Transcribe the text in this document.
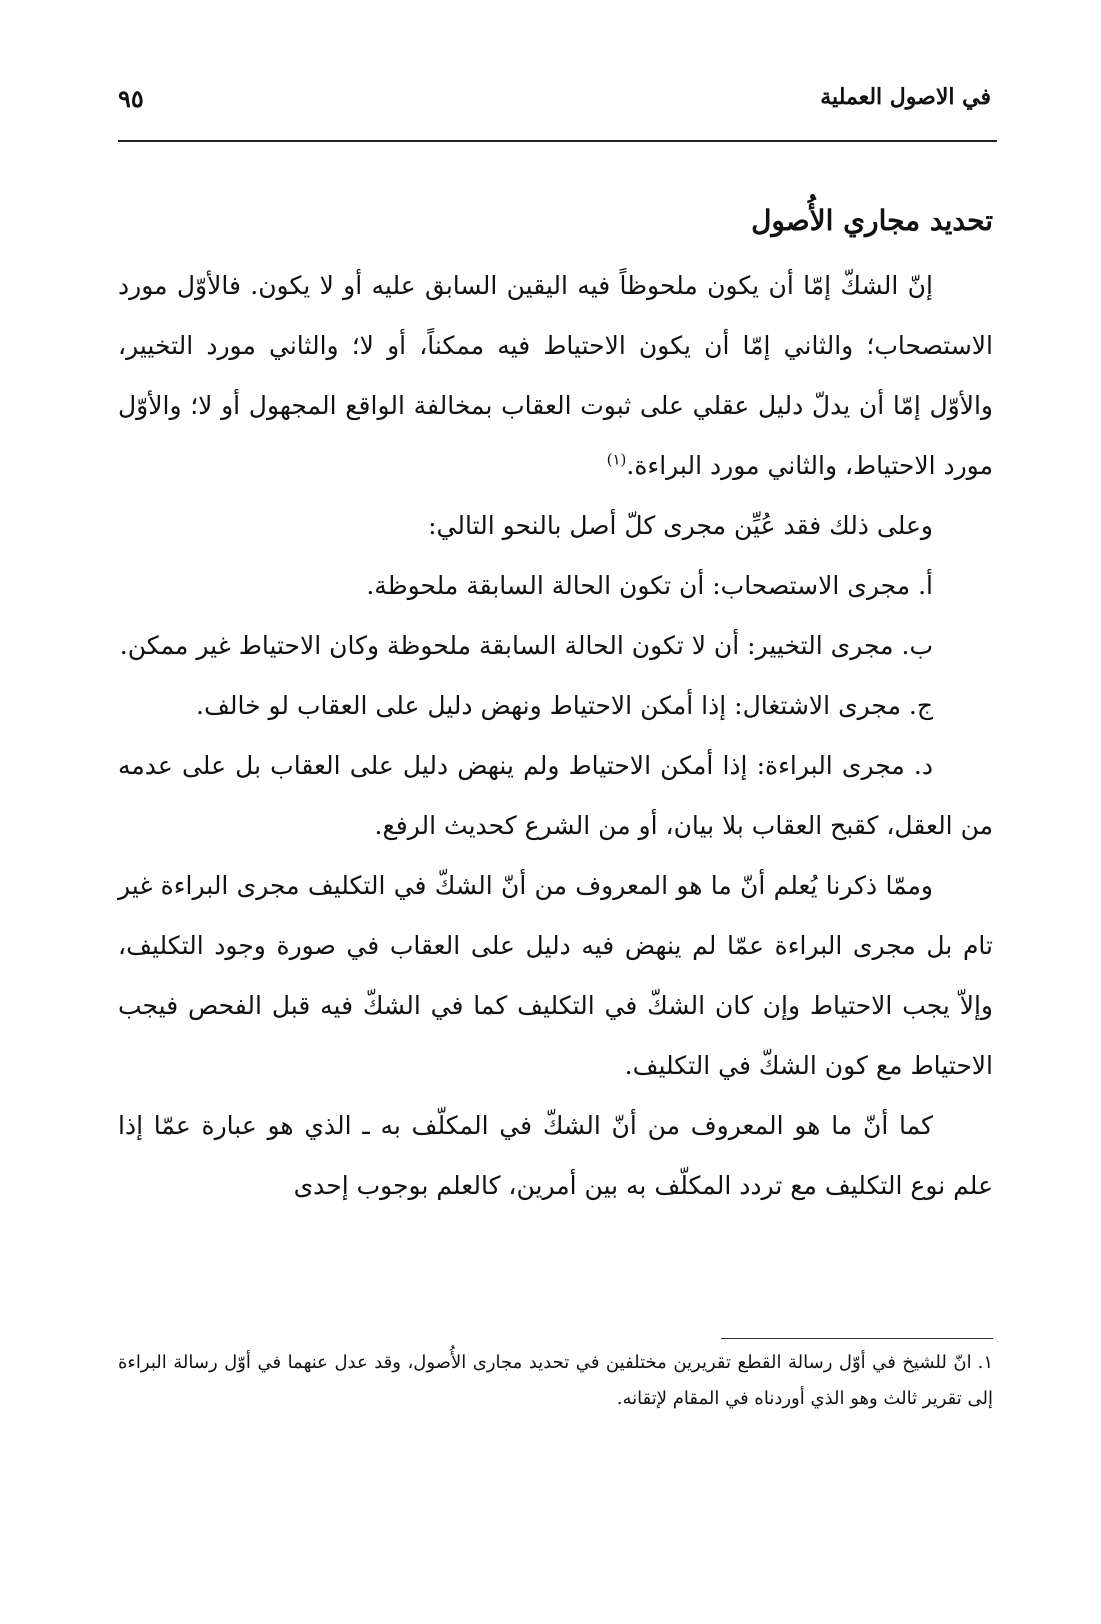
في الاصول العملية
٩٥
تحديد مجاري الأُصول

إنّ الشكّ إمّا أن يكون ملحوظاً فيه اليقين السابق عليه أو لا يكون. فالأوّل مورد الاستصحاب؛ والثاني إمّا أن يكون الاحتياط فيه ممكناً، أو لا؛ والثاني مورد التخيير، والأوّل إمّا أن يدلّ دليل عقلي على ثبوت العقاب بمخالفة الواقع المجهول أو لا؛ والأوّل مورد الاحتياط، والثاني مورد البراءة.$^{(١)}$

وعلى ذلك فقد عُيِّن مجرى كلّ أصل بالنحو التالي:

أ. مجرى الاستصحاب: أن تكون الحالة السابقة ملحوظة.

ب. مجرى التخيير: أن لا تكون الحالة السابقة ملحوظة وكان الاحتياط غير ممكن.

ج. مجرى الاشتغال: إذا أمكن الاحتياط ونهض دليل على العقاب لو خالف.

د. مجرى البراءة: إذا أمكن الاحتياط ولم ينهض دليل على العقاب بل على عدمه من العقل، كقبح العقاب بلا بيان، أو من الشرع كحديث الرفع.

وممّا ذكرنا يُعلم أنّ ما هو المعروف من أنّ الشكّ في التكليف مجرى البراءة غير تام بل مجرى البراءة عمّا لم ينهض فيه دليل على العقاب في صورة وجود التكليف، وإلاّ يجب الاحتياط وإن كان الشكّ في التكليف كما في الشكّ فيه قبل الفحص فيجب الاحتياط مع كون الشكّ في التكليف.

كما أنّ ما هو المعروف من أنّ الشكّ في المكلّف به ـ الذي هو عبارة عمّا إذا علم نوع التكليف مع تردد المكلّف به بين أمرين، كالعلم بوجوب إحدى

١.انّ للشيخ في أوّل رسالة القطع تقريرين مختلفين في تحديد مجارى الأُصول، وقد عدل عنهما في أوّل رسالة البراءة إلى تقرير ثالث وهو الذي أوردناه في المقام لإتقانه.
